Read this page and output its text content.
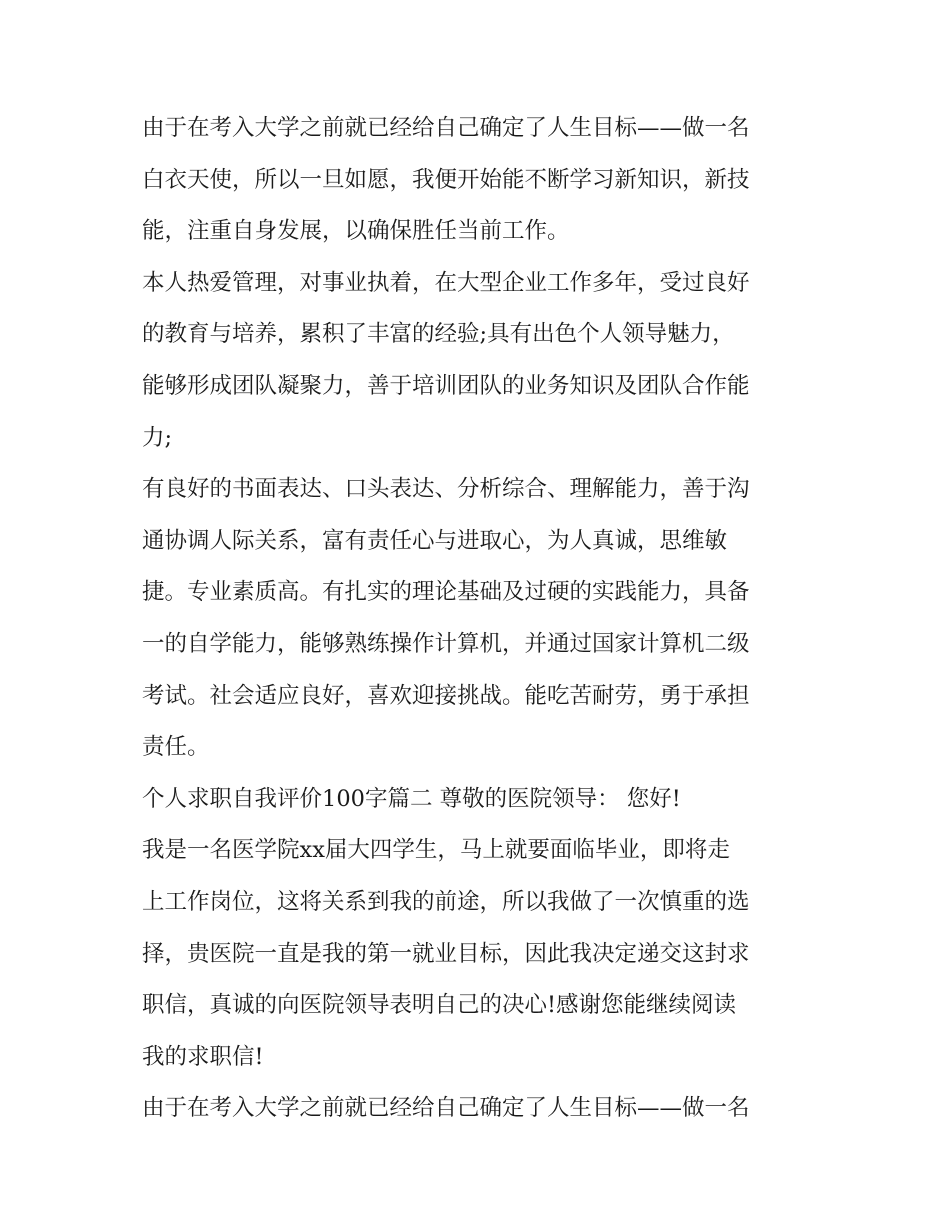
由于在考入大学之前就已经给自己确定了人生目标——做一名
白衣天使，所以一旦如愿，我便开始能不断学习新知识，新技
能，注重自身发展，以确保胜任当前工作。
本人热爱管理，对事业执着，在大型企业工作多年，受过良好
的教育与培养，累积了丰富的经验;具有出色个人领导魅力，
能够形成团队凝聚力，善于培训团队的业务知识及团队合作能
力;
有良好的书面表达、口头表达、分析综合、理解能力，善于沟
通协调人际关系，富有责任心与进取心，为人真诚，思维敏
捷。专业素质高。有扎实的理论基础及过硬的实践能力，具备
一的自学能力，能够熟练操作计算机，并通过国家计算机二级
考试。社会适应良好，喜欢迎接挑战。能吃苦耐劳，勇于承担
责任。
个人求职自我评价100字篇二 尊敬的医院领导： 您好!
我是一名医学院xx届大四学生，马上就要面临毕业，即将走
上工作岗位，这将关系到我的前途，所以我做了一次慎重的选
择，贵医院一直是我的第一就业目标，因此我决定递交这封求
职信，真诚的向医院领导表明自己的决心!感谢您能继续阅读
我的求职信!
由于在考入大学之前就已经给自己确定了人生目标——做一名
